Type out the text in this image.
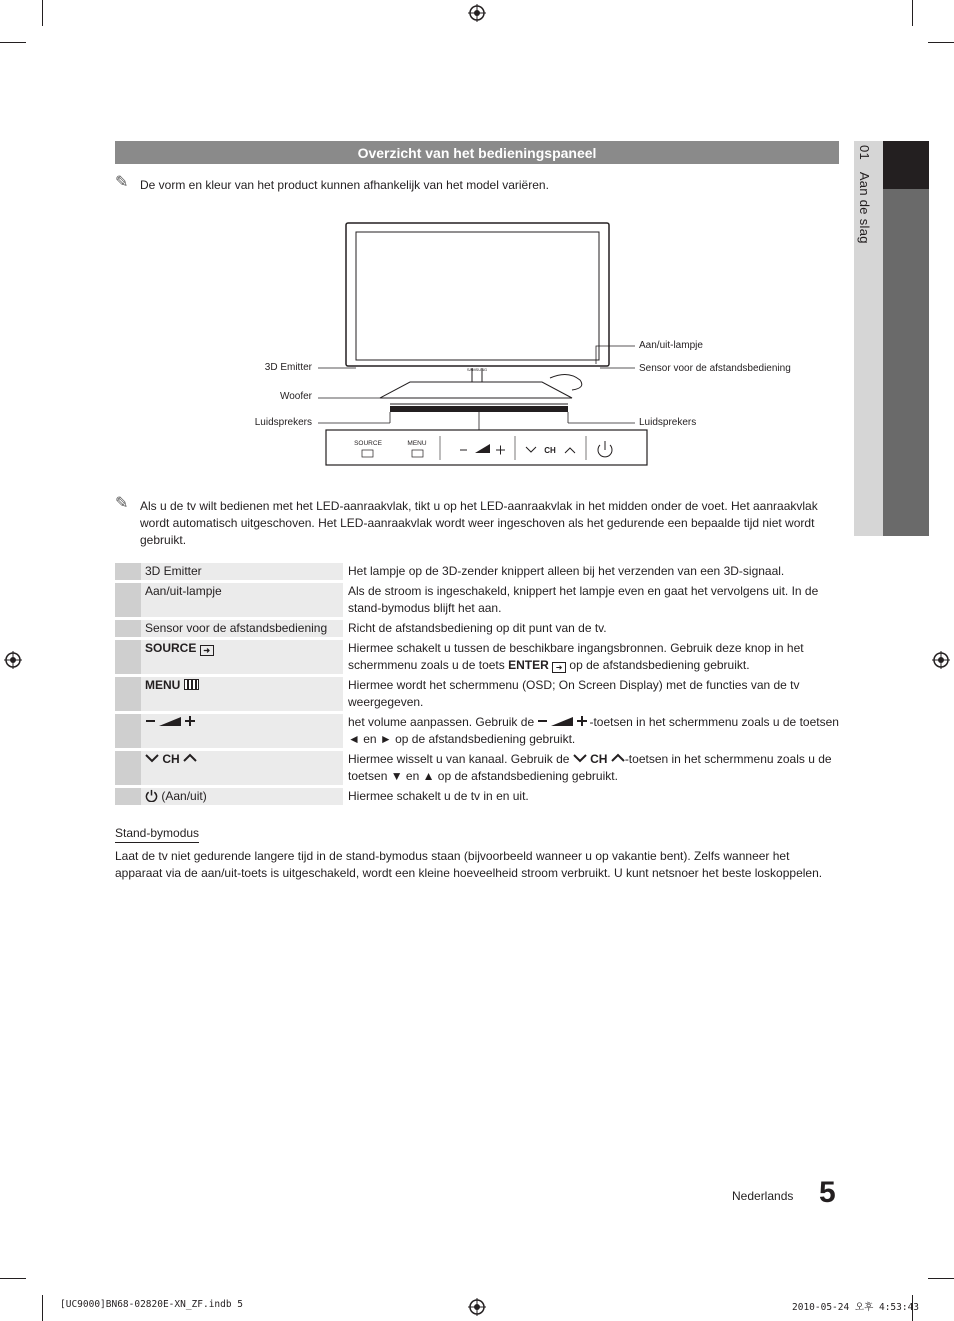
01   Aan de slag
Overzicht van het bedieningspaneel
✎ De vorm en kleur van het product kunnen afhankelijk van het model variëren.
SAMSUNG
SOURCE	MENU
CH
3D Emitter
Woofer
Luidsprekers
Aan/uit-lampje
Sensor voor de afstandsbediening
Luidsprekers
✎ Als u de tv wilt bedienen met het LED-aanraakvlak, tikt u op het LED-aanraakvlak in het midden onder de voet. Het aanraakvlak wordt automatisch uitgeschoven. Het LED-aanraakvlak wordt weer ingeschoven als het gedurende een bepaalde tijd niet wordt gebruikt.
	3D Emitter	Het lampje op de 3D-zender knippert alleen bij het verzenden van een 3D-signaal.
	Aan/uit-lampje	Als de stroom is ingeschakeld, knippert het lampje even en gaat het vervolgens uit. In de stand-bymodus blijft het aan.
	Sensor voor de afstandsbediening	Richt de afstandsbediening op dit punt van de tv.
	SOURCE ➜	Hiermee schakelt u tussen de beschikbare ingangsbronnen. Gebruik deze knop in het schermmenu zoals u de toets ENTER ➜ op de afstandsbediening gebruikt.
	MENU	Hiermee wordt het schermmenu (OSD; On Screen Display) met de functies van de tv weergegeven.
		het volume aanpassen. Gebruik de -toetsen in het schermmenu zoals u de toetsen ◄ en ► op de afstandsbediening gebruikt.
	CH	Hiermee wisselt u van kanaal. Gebruik de  CH -toetsen in het schermmenu zoals u de toetsen ▼ en ▲ op de afstandsbediening gebruikt.
	(Aan/uit)	Hiermee schakelt u de tv in en uit.
Stand-bymodus
Laat de tv niet gedurende langere tijd in de stand-bymodus staan (bijvoorbeeld wanneer u op vakantie bent). Zelfs wanneer het apparaat via de aan/uit-toets is uitgeschakeld, wordt een kleine hoeveelheid stroom verbruikt. U kunt netsnoer het beste loskoppelen.
Nederlands 5
[UC9000]BN68-02820E-XN_ZF.indb 5	2010-05-24 오후 4:53:43
